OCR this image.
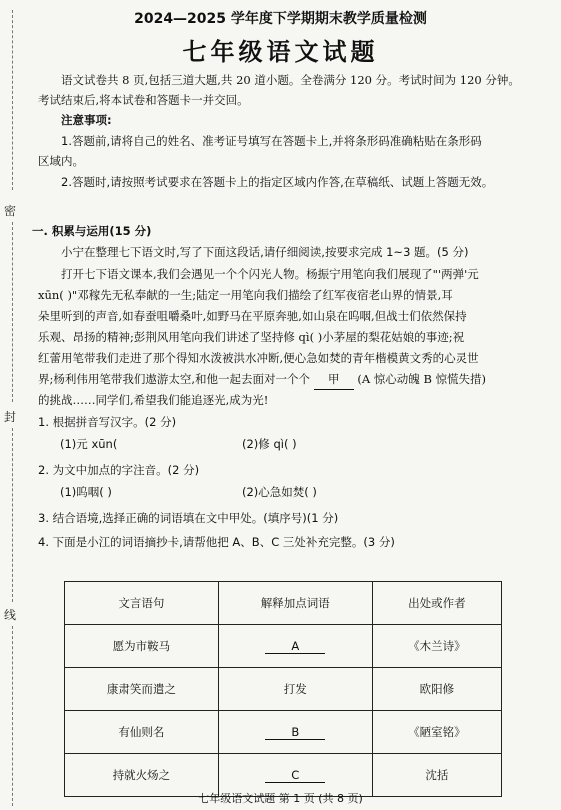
密
封
线
2024—2025 学年度下学期期末教学质量检测
七年级语文试题
语文试卷共 8 页,包括三道大题,共 20 道小题。全卷满分 120 分。考试时间为 120 分钟。
考试结束后,将本试卷和答题卡一并交回。
注意事项:
1.答题前,请将自己的姓名、准考证号填写在答题卡上,并将条形码准确粘贴在条形码
区域内。
2.答题时,请按照考试要求在答题卡上的指定区域内作答,在草稿纸、试题上答题无效。
一. 积累与运用(15 分)
小宁在整理七下语文时,写了下面这段话,请仔细阅读,按要求完成 1~3 题。(5 分)
打开七下语文课本,我们会遇见一个个闪光人物。杨振宁用笔向我们展现了"'两弹'元
xūn( )"邓稼先无私奉献的一生;陆定一用笔向我们描绘了红军夜宿老山界的情景,耳
朵里听到的声音,如春蚕咀嚼桑叶,如野马在平原奔驰,如山泉在呜咽,但战士们依然保持
乐观、昂扬的精神;彭荆风用笔向我们讲述了坚持修 qì( )小茅屋的梨花姑娘的事迹;祝
红蕾用笔带我们走进了那个得知水泼被洪水冲断,便心急如焚的青年楷模黄文秀的心灵世
界;杨利伟用笔带我们遨游太空,和他一起去面对一个个 甲 (A 惊心动魄 B 惊慌失措)
的挑战……同学们,希望我们能追逐光,成为光!
1. 根据拼音写汉字。(2 分)
(1)元 xūn(	(2)修 qì( )
2. 为文中加点的字注音。(2 分)
(1)呜咽( )	(2)心急如焚( )
3. 结合语境,选择正确的词语填在文中甲处。(填序号)(1 分)
4. 下面是小江的词语摘抄卡,请帮他把 A、B、C 三处补充完整。(3 分)
文言语句	解释加点词语	出处或作者
愿为市鞍马	A	《木兰诗》
康肃笑而遣之	打发	欧阳修
有仙则名	B	《陋室铭》
持就火炀之	C	沈括
七年级语文试题 第 1 页 (共 8 页)
